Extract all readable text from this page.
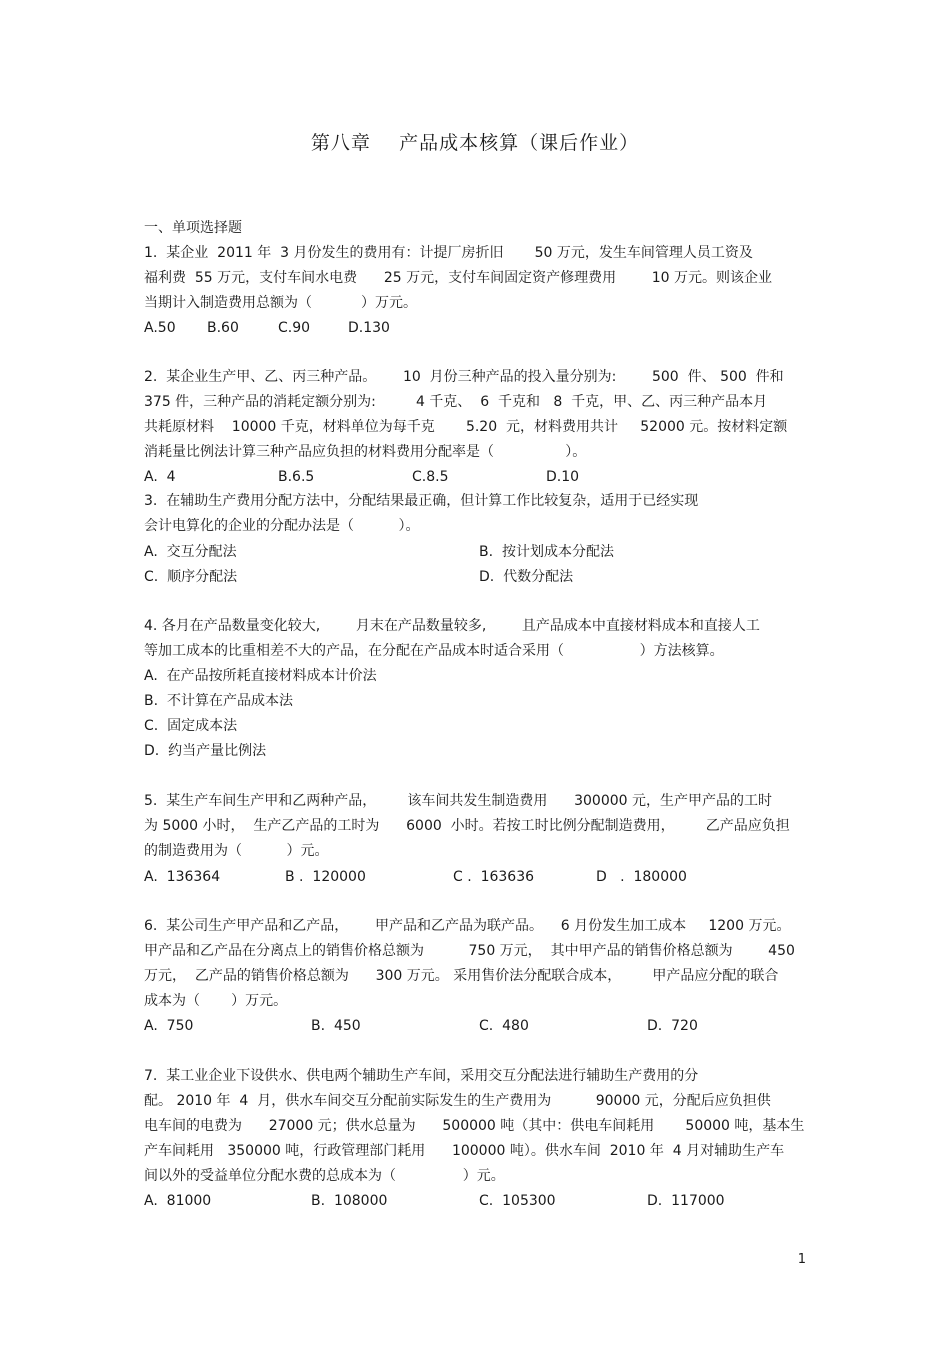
第八章    产品成本核算（课后作业）
一、单项选择题
1.  某企业  2011 年  3 月份发生的费用有：计提厂房折旧       50 万元，发生车间管理人员工资及
福利费  55 万元，支付车间水电费      25 万元，支付车间固定资产修理费用        10 万元。则该企业
当期计入制造费用总额为（           ）万元。
A.50 B.60	C.90	D.130
2.  某企业生产甲、乙、丙三种产品。      10  月份三种产品的投入量分别为:        500  件、 500  件和
375 件，三种产品的消耗定额分别为:         4 千克、  6  千克和   8  千克，甲、乙、丙三种产品本月
共耗原材料    10000 千克，材料单位为每千克       5.20  元，材料费用共计     52000 元。按材料定额
消耗量比例法计算三种产品应负担的材料费用分配率是（                ）。
A.  4	B.6.5	C.8.5	D.10
3.  在辅助生产费用分配方法中，分配结果最正确，但计算工作比较复杂，适用于已经实现
会计电算化的企业的分配办法是（          ）。
A.  交互分配法	B.  按计划成本分配法
C.  顺序分配法	D.  代数分配法
4. 各月在产品数量变化较大,        月末在产品数量较多,        且产品成本中直接材料成本和直接人工
等加工成本的比重相差不大的产品，在分配在产品成本时适合采用（                 ）方法核算。
A.  在产品按所耗直接材料成本计价法
B.  不计算在产品成本法
C.  固定成本法
D.  约当产量比例法
5.  某生产车间生产甲和乙两种产品，       该车间共发生制造费用      300000 元，生产甲产品的工时
为 5000 小时，  生产乙产品的工时为      6000  小时。若按工时比例分配制造费用，       乙产品应负担
的制造费用为（          ）元。
A.  136364	B .  120000	C .  163636	D   .  180000
6.  某公司生产甲产品和乙产品，      甲产品和乙产品为联产品。    6 月份发生加工成本     1200 万元。
甲产品和乙产品在分离点上的销售价格总额为          750 万元，  其中甲产品的销售价格总额为        450
万元，  乙产品的销售价格总额为      300 万元。 采用售价法分配联合成本，       甲产品应分配的联合
成本为（       ）万元。
A.  750	B.  450	C.  480	D.  720
7.  某工业企业下设供水、供电两个辅助生产车间，采用交互分配法进行辅助生产费用的分
配。 2010 年  4  月，供水车间交互分配前实际发生的生产费用为          90000 元，分配后应负担供
电车间的电费为      27000 元；供水总量为      500000 吨（其中：供电车间耗用       50000 吨，基本生
产车间耗用   350000 吨，行政管理部门耗用      100000 吨）。供水车间  2010 年  4 月对辅助生产车
间以外的受益单位分配水费的总成本为（               ）元。
A.  81000	B.  108000	C.  105300	D.  117000
1
